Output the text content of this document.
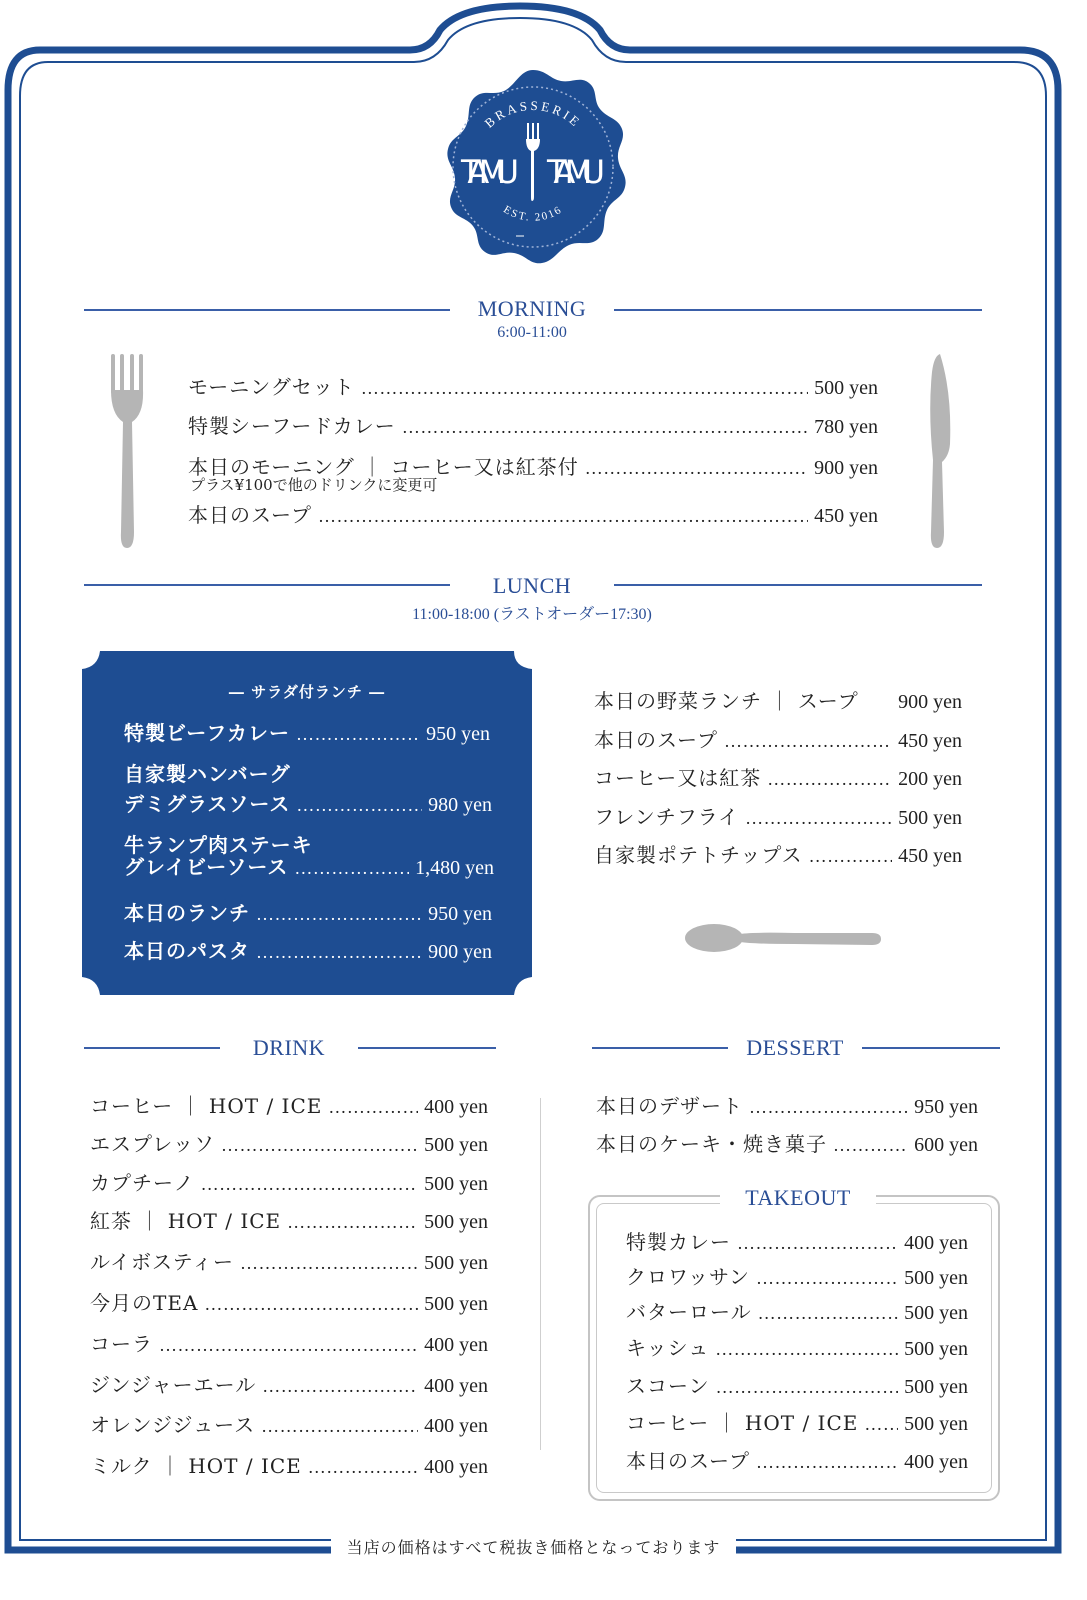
BRASSERIE
EST. 2016
TAMU TAMU
MORNING
6:00-11:00
モーニングセット ……………………………………………………………………………………………………………………	500 yen
特製シーフードカレー ……………………………………………………………………………………………………………………	780 yen
本日のモーニング ｜ コーヒー又は紅茶付 ……………………………………………………………………………………………………………………	900 yen
プラス¥100で他のドリンクに変更可
本日のスープ ……………………………………………………………………………………………………………………	450 yen
LUNCH
11:00-18:00 (ラストオーダー17:30)
― サラダ付ランチ ―
特製ビーフカレー ……………………………………………………………………………………………………………………	950 yen
自家製ハンバーグ
デミグラスソース ……………………………………………………………………………………………………………………	980 yen
牛ランプ肉ステーキ
グレイビーソース ……………………………………………………………………………………………………………………	1,480 yen
本日のランチ ……………………………………………………………………………………………………………………	950 yen
本日のパスタ ……………………………………………………………………………………………………………………	900 yen
本日の野菜ランチ ｜ スープ 900 yen
本日のスープ ……………………………………………………………………………………………………………………	450 yen
コーヒー又は紅茶 ……………………………………………………………………………………………………………………	200 yen
フレンチフライ ……………………………………………………………………………………………………………………	500 yen
自家製ポテトチップス ……………………………………………………………………………………………………………………	450 yen
DRINK
コーヒー ｜ HOT / ICE ……………………………………………………………………………………………………………………	400 yen
エスプレッソ ……………………………………………………………………………………………………………………	500 yen
カプチーノ ……………………………………………………………………………………………………………………	500 yen
紅茶 ｜ HOT / ICE ……………………………………………………………………………………………………………………	500 yen
ルイボスティー ……………………………………………………………………………………………………………………	500 yen
今月のTEA ……………………………………………………………………………………………………………………	500 yen
コーラ ……………………………………………………………………………………………………………………	400 yen
ジンジャーエール ……………………………………………………………………………………………………………………	400 yen
オレンジジュース ……………………………………………………………………………………………………………………	400 yen
ミルク ｜ HOT / ICE ……………………………………………………………………………………………………………………	400 yen
DESSERT
本日のデザート ……………………………………………………………………………………………………………………	950 yen
本日のケーキ・焼き菓子 ……………………………………………………………………………………………………………………	600 yen
TAKEOUT
特製カレー ……………………………………………………………………………………………………………………	400 yen
クロワッサン ……………………………………………………………………………………………………………………	500 yen
バターロール ……………………………………………………………………………………………………………………	500 yen
キッシュ ……………………………………………………………………………………………………………………	500 yen
スコーン ……………………………………………………………………………………………………………………	500 yen
コーヒー ｜ HOT / ICE …………………………………………………………………………………………………………………… 500 yen
本日のスープ ……………………………………………………………………………………………………………………	400 yen
当店の価格はすべて税抜き価格となっております
